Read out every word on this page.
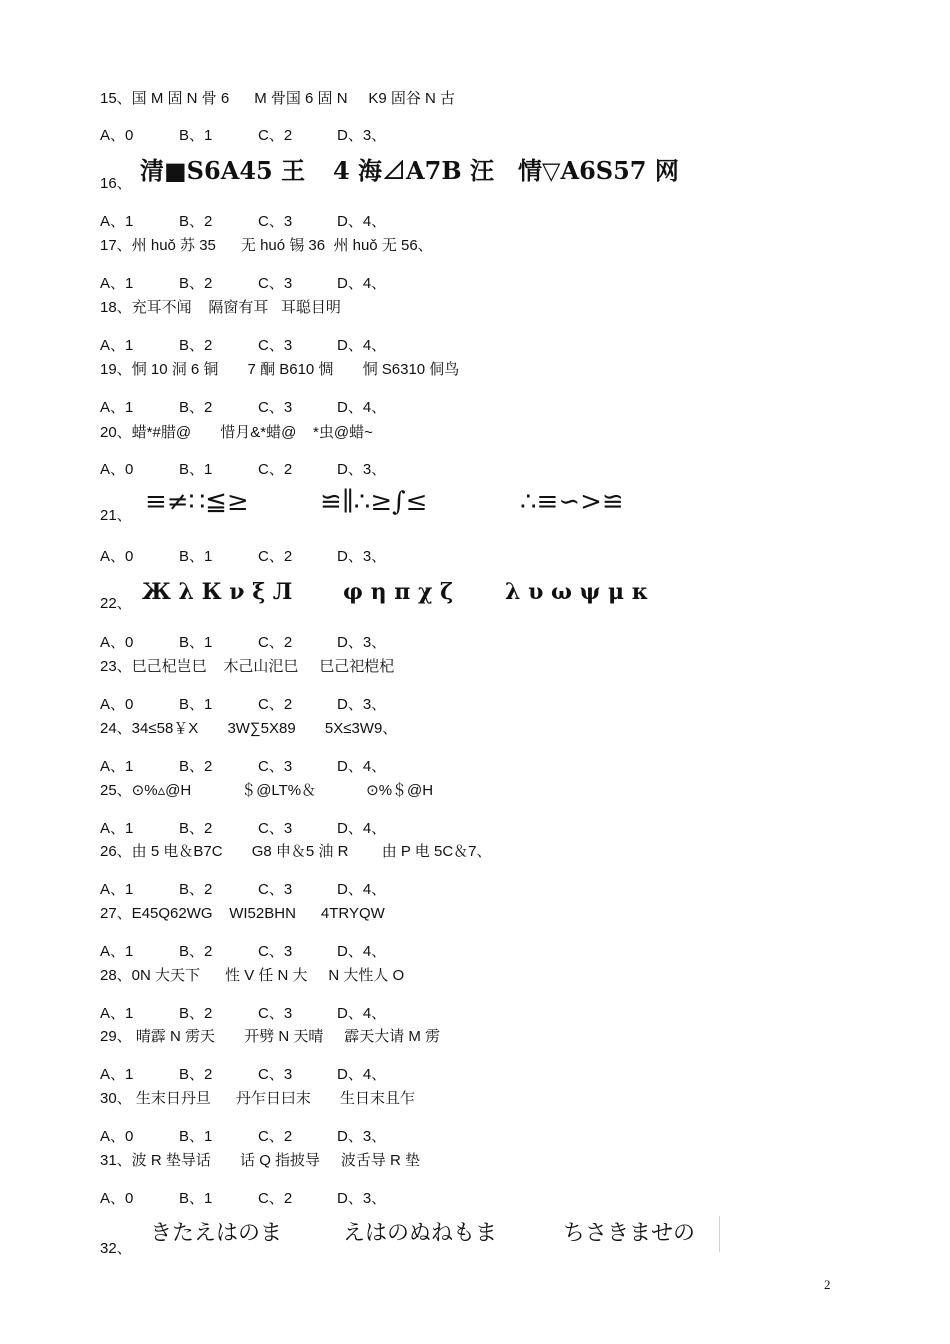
15、国 M 固 N 骨 6      M 骨国 6 固 N     K9 固谷 N 古
A、0	B、1	C、2	D、3、
16、 清■S6A45 王 4 海⊿A7B 汪 情▽A6S57 网
A、1	B、2	C、3	D、4、
17、州 huǒ 苏 35      无 huó 锡 36  州 huǒ 无 56、
A、1	B、2	C、3	D、4、
18、充耳不闻    隔窗有耳   耳聪目明
A、1	B、2	C、3	D、4、
19、恫 10 洞 6 铜       7 酮 B610 惆       恫 S6310 侗鸟
A、1	B、2	C、3	D、4、
20、蜡*#腊@       惜月&*蜡@    *虫@蜡~
A、0	B、1	C、2	D、3、
21、 ≡≠∷≦≥	≌∥∴≥∫≤	∴≡∽>≌
A、0	B、1	C、2	D、3、
22、 Ж λ К ν ξ Л φ η π χ ζ λ υ ω ψ μ κ
A、0	B、1	C、2	D、3、
23、巳己杞岂巳    木己山汜巳     巳己祀桤杞
A、0	B、1	C、2	D、3、
24、34≤58￥X       3W∑5X89       5X≤3W9、
A、1	B、2	C、3	D、4、
25、⊙%▵@H            ＄@LT%＆            ⊙%＄@H
A、1	B、2	C、3	D、4、
26、由 5 电＆B7C       G8 申＆5 油 R        由 P 电 5C＆7、
A、1	B、2	C、3	D、4、
27、E45Q62WG    WI52BHN      4TRYQW
A、1	B、2	C、3	D、4、
28、0N 大天下      性 V 任 N 大     N 大性人 O
A、1	B、2	C、3	D、4、
29、 晴霹 N 雳天       开劈 N 天晴     霹天大请 M 雳
A、1	B、2	C、3	D、4、
30、 生末日丹旦      丹乍日曰末       生日末且乍
A、0	B、1	C、2	D、3、
31、波 R 垫导话       话 Q 指披导     波舌导 R 垫
A、0	B、1	C、2	D、3、
32、
きたえはのま	えはのぬねもま	ちさきませの
2
